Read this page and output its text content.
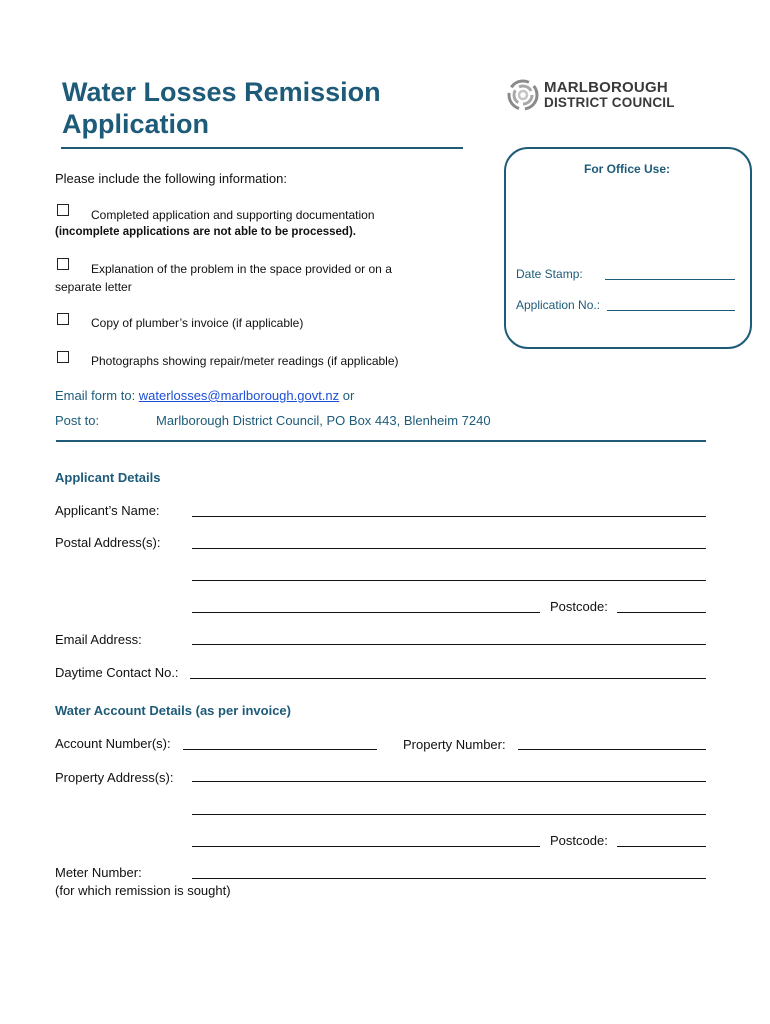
Water Losses Remission
Application
MARLBOROUGH
DISTRICT COUNCIL
For Office Use:
Date Stamp:
Application No.:
Please include the following information:
Completed application and supporting documentation
(incomplete applications are not able to be processed).
Explanation of the problem in the space provided or on a
separate letter
Copy of plumber’s invoice (if applicable)
Photographs showing repair/meter readings (if applicable)
Email form to: waterlosses@marlborough.govt.nz or
Post to:	Marlborough District Council, PO Box 443, Blenheim 7240
Applicant Details
Applicant’s Name:
Postal Address(s):
Postcode:
Email Address:
Daytime Contact No.:
Water Account Details (as per invoice)
Account Number(s):	Property Number:
Property Address(s):
Postcode:
Meter Number:
(for which remission is sought)
